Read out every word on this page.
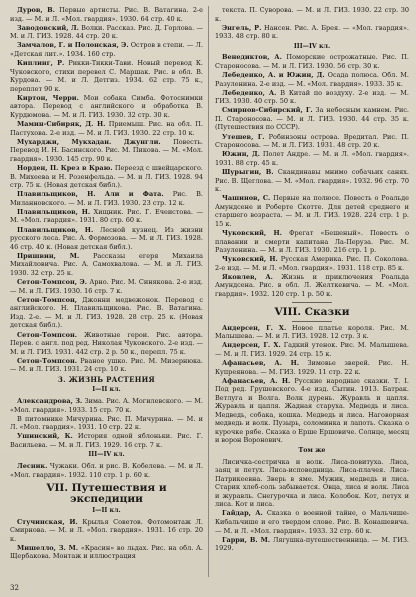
Дуров, В. Первые артисты. Рис. В. Ватагина. 2-е изд. — М. и Л. «Мол. гвардия». 1930. 64 стр. 40 к.

Заводовский, Л. Волки. Рассказ. Рис. Д. Горлова. — М. и Л. ГИЗ. 1928. 44 стр. 20 к.

Замчалов, Г. и Полонская, Э. Остров в степи. — Л. «Детская лит.». 1934. 160 стр.

Киплинг, Р. Рикки-Тикки-Тави. Новый перевод К. Чуковского, стихи перевел С. Маршак. Рис. в обл. В. Курдова. — М. и Л. Детгиз. 1934. 62 стр. 75 к., переплет 90 к.

Киртон, Черри. Мои собака Симба. Фотоснимки автора. Перевод с английского и обработка В. Курдюмова. — М. и Л. ГИЗ. 1930. 32 стр. 30 к.

Мамин-Сибиряк, Д. Н. Приемыш. Рис. на обл. П. Пастухова. 2-е изд. — М. и Л. ГИЗ. 1930. 22 стр. 10 к.

Мухарджи, Мукхадан. Джунгли. Повесть. Перевод И. Н. Басинского. Рис. М. Пикова. — М. «Мол. гвардия». 1930. 145 стр. 90 к.

Норден, П. Крез в Краю. Переезд с швейцарского. В. Михеева и Н. Розенфельда. — М. и Л. ГИЗ. 1928. 94 стр. 75 к. (Новая детская библ.).

Плавильщиков, Н. Али и Фата. Рис. В. Миланновского. — М. и Л. ГИЗ. 1930. 23 стр. 12 к.

Плавильщиков, Н. Хищник. Рис. Г. Ечеистова. — М. «Мол. гвардия». 1931. 80 стр. 60 к.

Плавильщиков, Н. Лесной кузнец. Из жизни русского леса. Рис. А. Формозова. — М. и Л. ГИЗ. 1928. 46 стр. 40 к. (Новая детская библ.).

Пришвин, М. Рассказы егеря Михаила Михайловича. Рис. А. Самохвалова. — М. и Л. ГИЗ. 1930. 32 стр. 25 к.

Сетон-Томпсон, Э. Арно. Рис. М. Синякова. 2-е изд. — М. и Л. ГИЗ. 1930. 16 стр. 7 к.

Сетон-Томпсон, Джонни медвежонок. Перевод с английского. Н. Плавильщикова. Рис. В. Ватагина. Изд. 2-е. — М. и Л. ГИЗ. 1928. 28 стр. 25 к. (Новая детская библ.).

Сетон-Томпсон. Животные герои. Рис. автора. Перев. с англ. под ред. Николая Чуковского. 2-е изд. — М. и Л. ГИЗ. 1931. 442 стр. 2 р. 50 к., перепл. 75 к.

Сетон-Томпсон. Рваное ушко. Рис. М. Мизернюка. — М. и Л. ГИЗ. 1931. 24 стр. 10 к.

3. ЖИЗНЬ РАСТЕНИЯ
I—II кл.

Александрова, З. Зима. Рис. А. Могилевского. — М. «Мол. гвардия». 1933. 15 стр. 70 к.

В питомнике Мичурина. Рис. П. Мичурина. — М. и Л. «Мол. гвардия». 1931. 10 стр. 22 к.

Ушинский, К. История одной яблоньки. Рис. Г. Васильева. — М. и Л. ГИЗ. 1929. 16 стр. 7 к.

III—IV кл.

Лесник. Чужаки. Обл. и рис. В. Кобелева. — М. и Л. «Мол. гвардия». 1932. 110 стр. 1 р. 60 к.

VII. Путешествия и экспедиции
I—II кл.

Стучинская, И. Крылья Советов. Фотомонтаж Л. Смирнова. — М. и Л. «Мол. гвардия». 1931. 16 стр. 20 к.

Мишелло, З. М. «Красин» во льдах. Рис. на обл. А. Щербакова. Монтаж и иллюстрация

текста. П. Суворова. — М. и Л. ГИЗ. 1930. 22 стр. 30 к.

Энгель, Р. Нансен. Рис. А. Брея. — «Мол. гвардия». 1933. 48 стр. 80 к.

III—IV кл.

Венедиктов, А. Поморские острожатные. Рис. П. Староносова. — М. и Л. ГИЗ. 1930. 56 стр. 30 к.

Лебеденко, А. и Южин, Д. Осада полюса. Обл. М. Разуленина. 2-е изд. — М. «Мол. гвардия». 1933. 35 к.

Лебеденко, А. В Китай по воздуху. 2-е изд. — М. ГИЗ. 1930. 40 стр. 50 к.

Смирнов-Сибирский, Г. За небесным камнем. Рис. П. Староносова. — М. и Л. ГИЗ. 1930. 44 стр. 35 к. (Путешествия по СССР).

Утешев, Г. Робинзоны острова. Вредитал. Рис. П. Староносова. — М. и Л. ГИЗ. 1931. 48 стр. 20 к.

Южин, Д. Полет Андре. — М. и Л. «Мол. гвардия». 1931. 88 стр. 45 к.

Шурыгин, В. Скандинавы мнимо собачьих санях. Рис. В. Щеглова. — М. «Мол. гвардия». 1932. 96 стр. 70 к.

Чашинов, С. Первые на полюсе. Повесть о Роальде Амундсене и Роберте Скотте. Для детей среднего и старшего возраста. — М. и Л. ГИЗ. 1928. 224 стр. 1 р. 15 к.

Чуковский, Н. Фрегат «Бешеный». Повесть о плавании и смерти капитана Ла-Перуза. Рис. М. Разуленина. — М. и Л. ГИЗ. 1930. 216 стр. 1 р.

Чуковский, Н. Русская Америка. Рис. П. Соколова. 2-е изд. — М. и Л. «Мол. гвардия». 1931. 118 стр. 85 к.

Яковлев, А. Жизнь и приключения Роальда Амундсена. Рис. в обл. Л. Желткевича. — М. «Мол. гвардия». 1932. 120 стр. 1 р. 50 к.

VIII. Сказки

Андерсен, Г. Х. Новое платье короля. Рис. М. Малышева. — М. и Л. ГИЗ. 1928. 12 стр. 3 к.

Андерсен, Г. Х. Гадкий утенок. Рис. М. Малышева. — М. и Л. ГИЗ. 1929. 24 стр. 15 к.

Афанасьев, А. Н. Зимовье зверей. Рис. Н. Купреянова. — М. ГИЗ. 1929. 11 стр. 22 к.

Афанасьев, А. Н. Русские народные сказки. Т. I. Под ред. Грушевского. 4-е изд. Сытин. 1913. Батрак. Ветлуга и Волга. Волк дурень. Журавль и цапля. Журавль и цапля. Жадная старуха. Медведь и лиса. Медведь, собака, кошка. Медведь и лиса. Наговорная медведь и волк. Пузырь, соломинка и лапоть. Сказка о курочке рябе. Сказка о Ерше Ершовиче. Солнце, месяц и ворон Воронович.

Том же

Лисичка-сестричка и волк. Лиса-повитуха. Лиса, заяц и петух. Лиса-исповедница. Лиса-плачея. Лиса-Патрикеевна. Зверь в яме. Мужик, медведь и лиса. Старик хлеб-соль забывается. Овца, лиса и волк. Лиса и журавль. Снегурочка и лиса. Колобок. Кот, петух и лиса. Кот и лиса.

Гайдар, А. Сказка о военной тайне, о Мальчише-Кибальчише и его твердом слове. Рис. В. Конашевича. — М. и Л. «Мол. гвардия». 1933. 32 стр. 60 к.

Гарри, В. М. Лягушка-путешественница. — М. ГИЗ. 1929.

32
